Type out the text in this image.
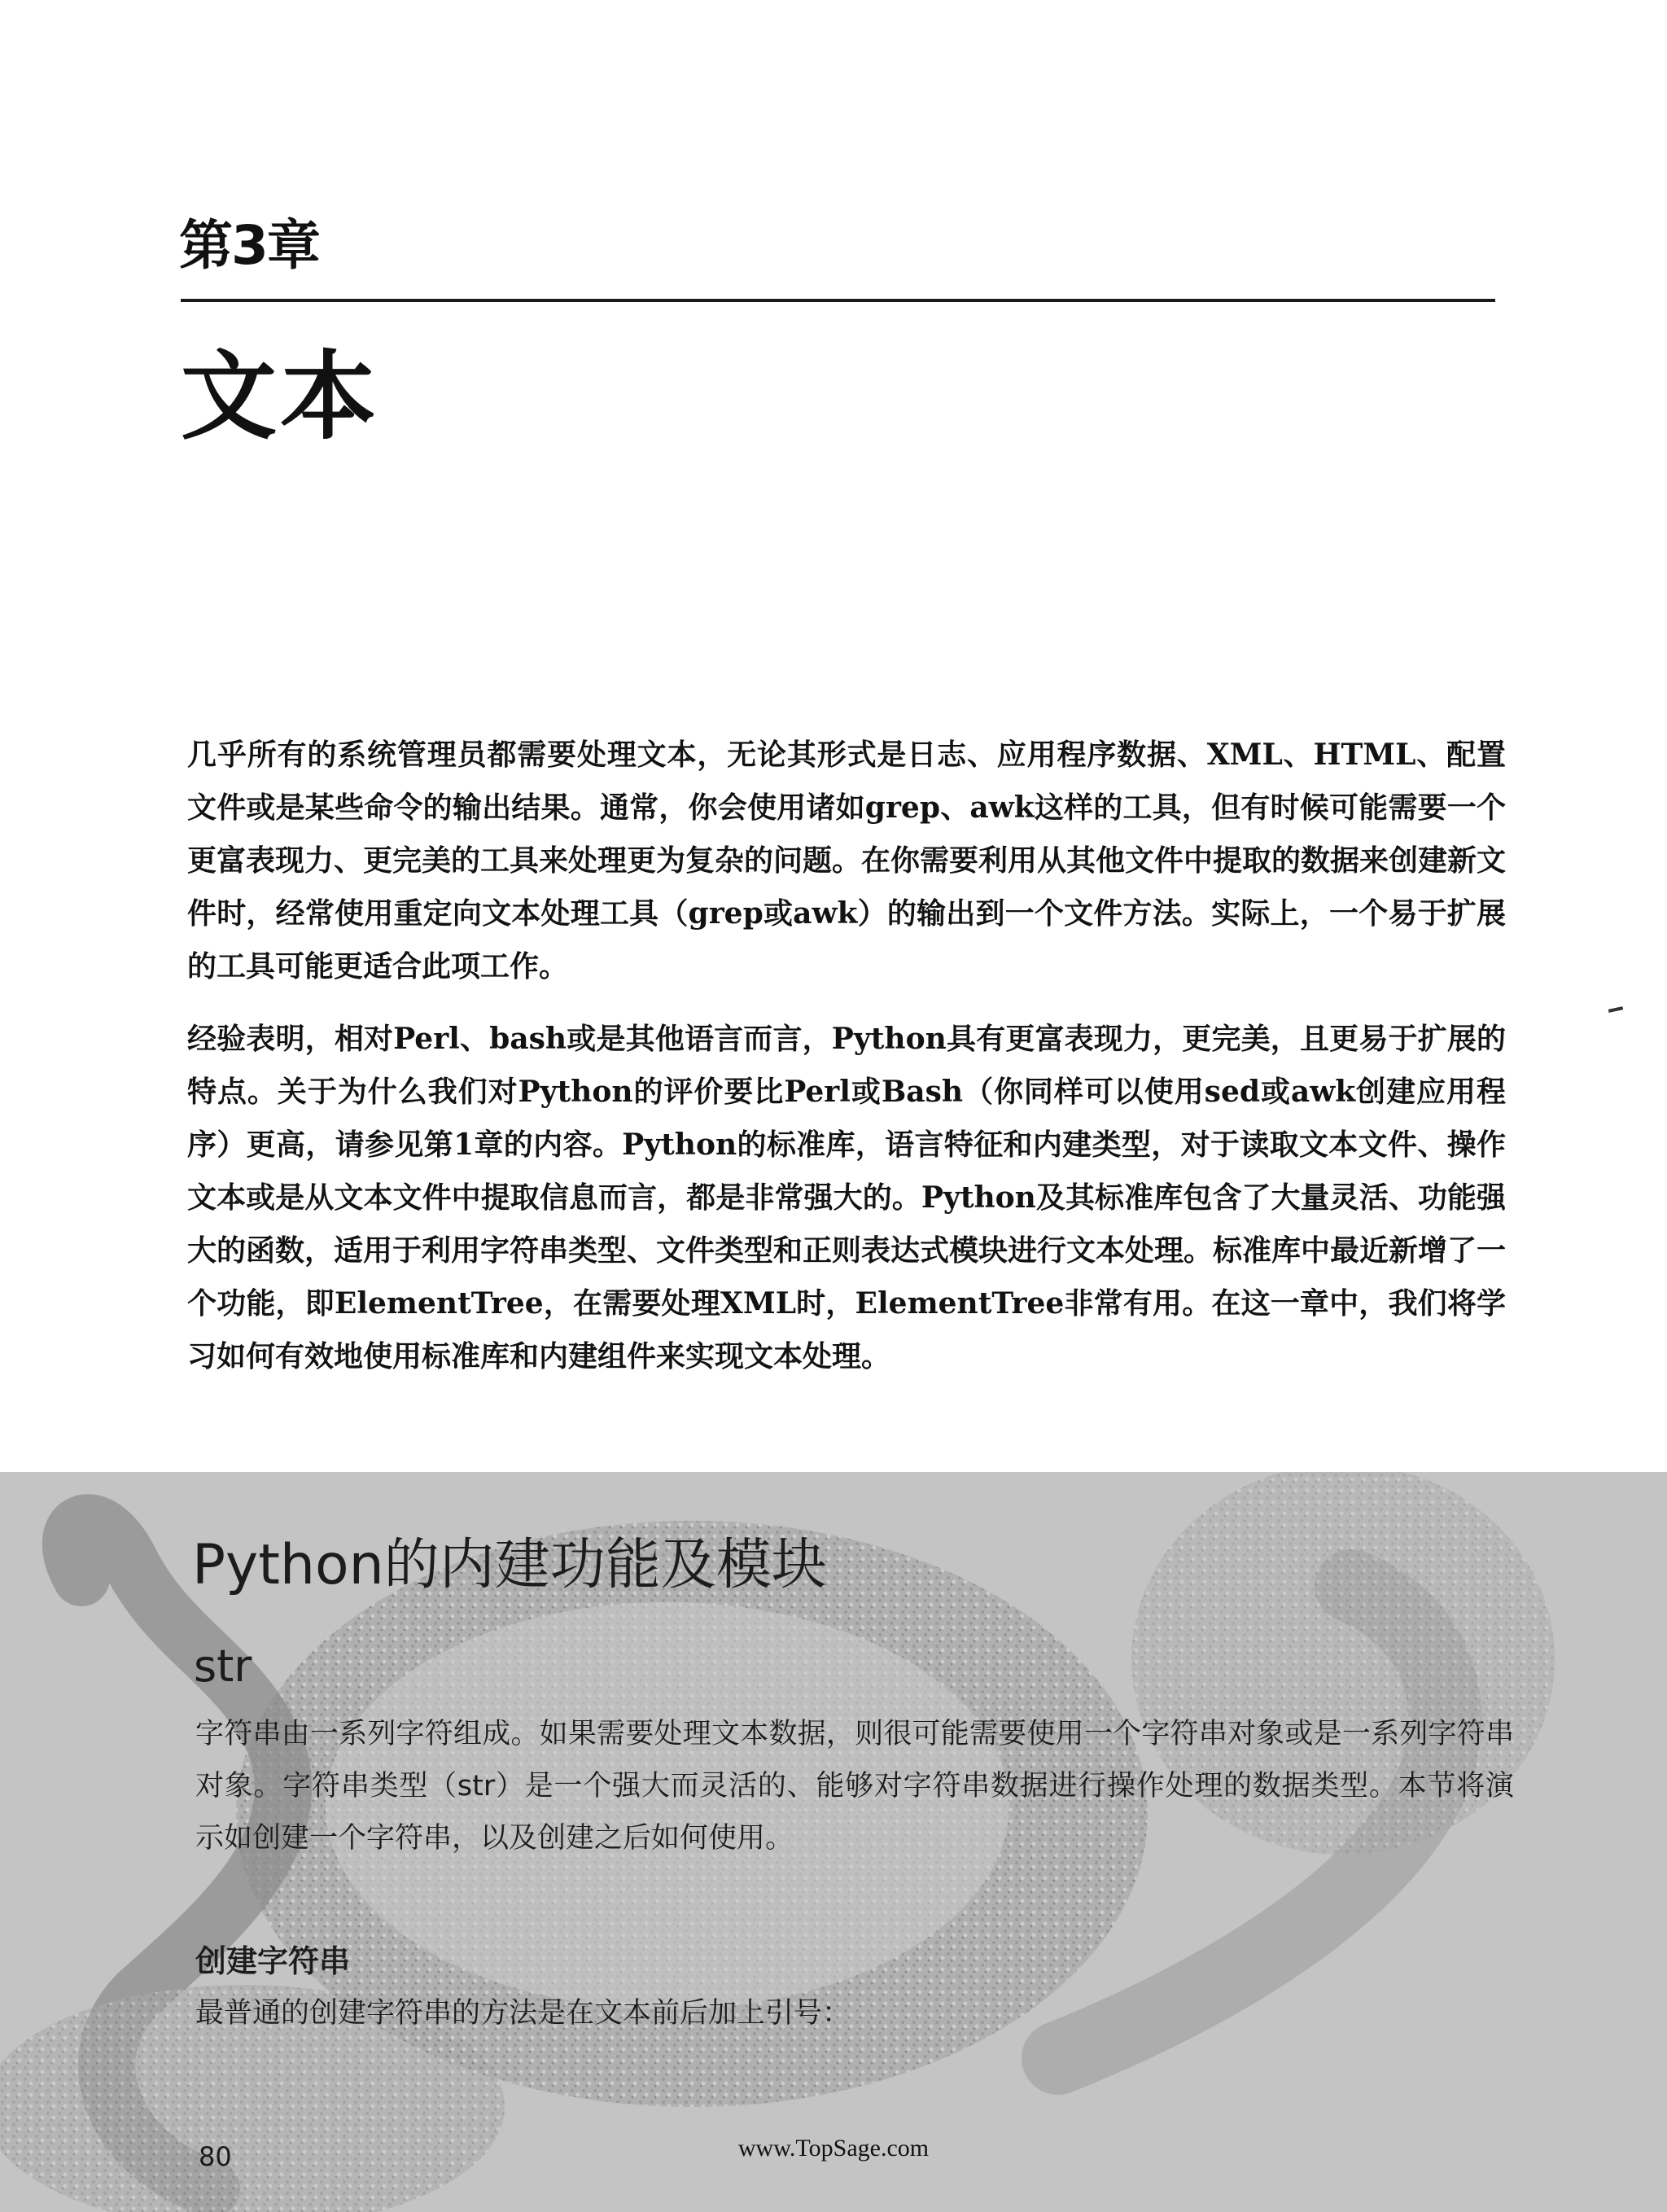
第3章
文本

几乎所有的系统管理员都需要处理文本，无论其形式是日志、应用程序数据、XML、HTML、配置文件或是某些命令的输出结果。通常，你会使用诸如grep、awk这样的工具，但有时候可能需要一个更富表现力、更完美的工具来处理更为复杂的问题。在你需要利用从其他文件中提取的数据来创建新文件时，经常使用重定向文本处理工具（grep或awk）的输出到一个文件方法。实际上，一个易于扩展的工具可能更适合此项工作。

经验表明，相对Perl、bash或是其他语言而言，Python具有更富表现力，更完美，且更易于扩展的特点。关于为什么我们对Python的评价要比Perl或Bash（你同样可以使用sed或awk创建应用程序）更高，请参见第1章的内容。Python的标准库，语言特征和内建类型，对于读取文本文件、操作文本或是从文本文件中提取信息而言，都是非常强大的。Python及其标准库包含了大量灵活、功能强大的函数，适用于利用字符串类型、文件类型和正则表达式模块进行文本处理。标准库中最近新增了一个功能，即ElementTree，在需要处理XML时，ElementTree非常有用。在这一章中，我们将学习如何有效地使用标准库和内建组件来实现文本处理。

Python的内建功能及模块
str

字符串由一系列字符组成。如果需要处理文本数据，则很可能需要使用一个字符串对象或是一系列字符串对象。字符串类型（str）是一个强大而灵活的、能够对字符串数据进行操作处理的数据类型。本节将演示如创建一个字符串，以及创建之后如何使用。

创建字符串

最普通的创建字符串的方法是在文本前后加上引号：

80	www.TopSage.com
